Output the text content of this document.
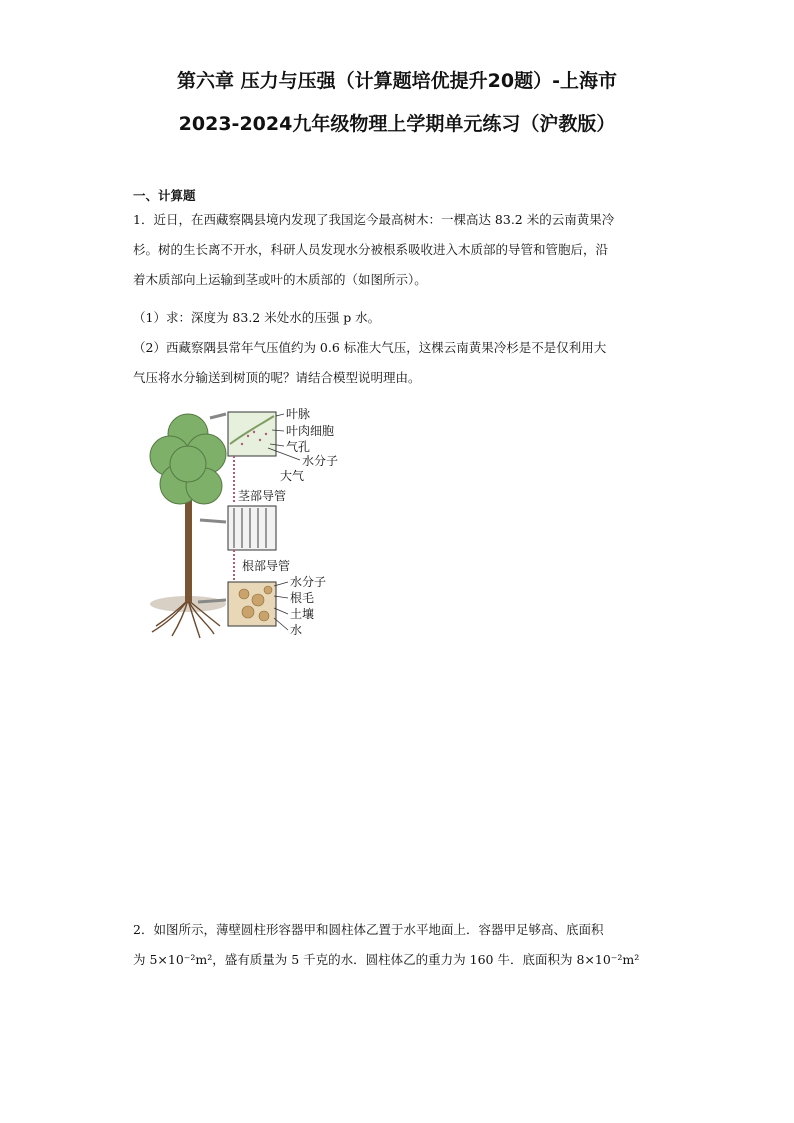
第六章 压力与压强（计算题培优提升20题）-上海市
2023-2024九年级物理上学期单元练习（沪教版）
一、计算题
1．近日，在西藏察隅县境内发现了我国迄今最高树木：一棵高达 83.2 米的云南黄果冷
杉。树的生长离不开水，科研人员发现水分被根系吸收进入木质部的导管和管胞后，沿
着木质部向上运输到茎或叶的木质部的（如图所示）。
（1）求：深度为 83.2 米处水的压强 p 水。
（2）西藏察隅县常年气压值约为 0.6 标准大气压，这棵云南黄果冷杉是不是仅利用大
气压将水分输送到树顶的呢？请结合模型说明理由。
叶脉
叶肉细胞
气孔
水分子
大气
茎部导管
根部导管
水分子
根毛
土壤
水
2．如图所示，薄壁圆柱形容器甲和圆柱体乙置于水平地面上．容器甲足够高、底面积
为 5×10⁻²m²，盛有质量为 5 千克的水．圆柱体乙的重力为 160 牛．底面积为 8×10⁻²m²
